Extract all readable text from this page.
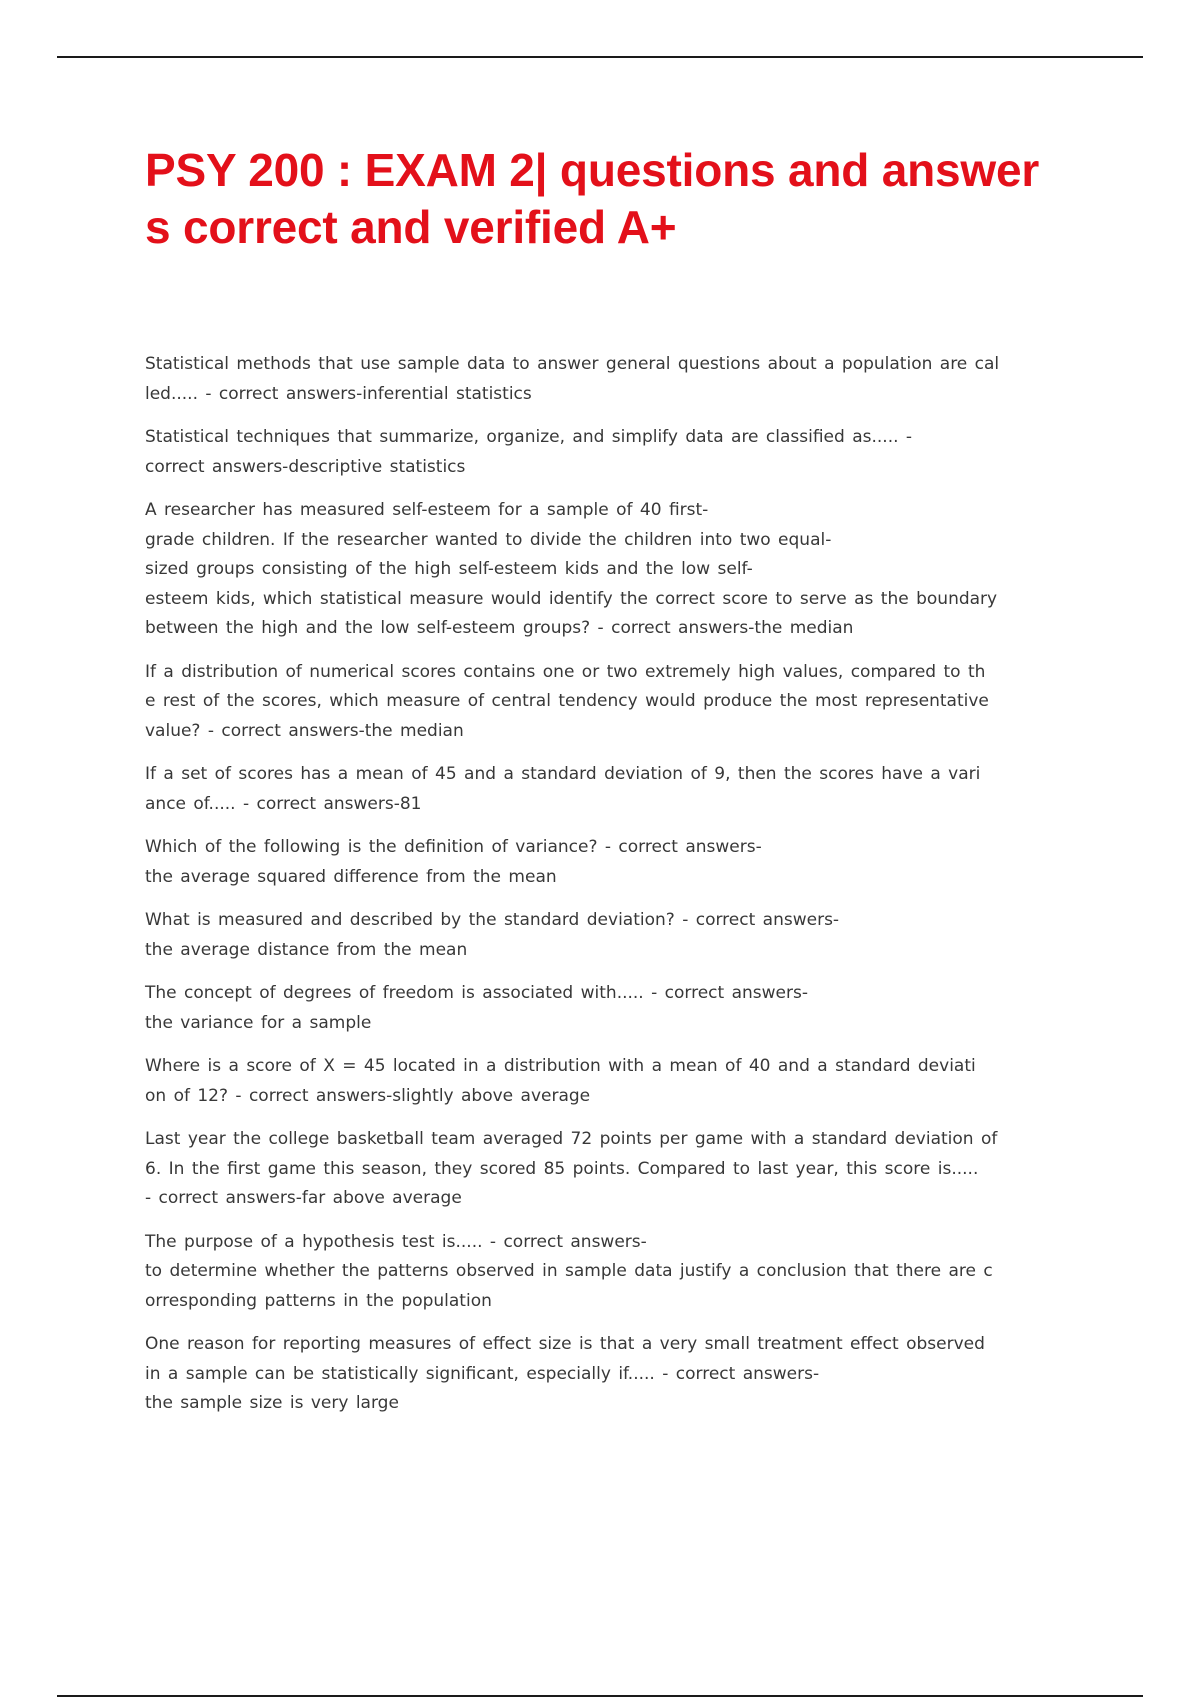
PSY 200 : EXAM 2| questions and answer
s correct and verified A+

Statistical methods that use sample data to answer general questions about a population are cal
led..... - correct answers-inferential statistics

Statistical techniques that summarize, organize, and simplify data are classified as..... -
correct answers-descriptive statistics

A researcher has measured self-esteem for a sample of 40 first-
grade children. If the researcher wanted to divide the children into two equal-
sized groups consisting of the high self-esteem kids and the low self-
esteem kids, which statistical measure would identify the correct score to serve as the boundary
between the high and the low self-esteem groups? - correct answers-the median

If a distribution of numerical scores contains one or two extremely high values, compared to th
e rest of the scores, which measure of central tendency would produce the most representative
value? - correct answers-the median

If a set of scores has a mean of 45 and a standard deviation of 9, then the scores have a vari
ance of..... - correct answers-81

Which of the following is the definition of variance? - correct answers-
the average squared difference from the mean

What is measured and described by the standard deviation? - correct answers-
the average distance from the mean

The concept of degrees of freedom is associated with..... - correct answers-
the variance for a sample

Where is a score of X = 45 located in a distribution with a mean of 40 and a standard deviati
on of 12? - correct answers-slightly above average

Last year the college basketball team averaged 72 points per game with a standard deviation of
6. In the first game this season, they scored 85 points. Compared to last year, this score is.....
- correct answers-far above average

The purpose of a hypothesis test is..... - correct answers-
to determine whether the patterns observed in sample data justify a conclusion that there are c
orresponding patterns in the population

One reason for reporting measures of effect size is that a very small treatment effect observed
in a sample can be statistically significant, especially if..... - correct answers-
the sample size is very large
